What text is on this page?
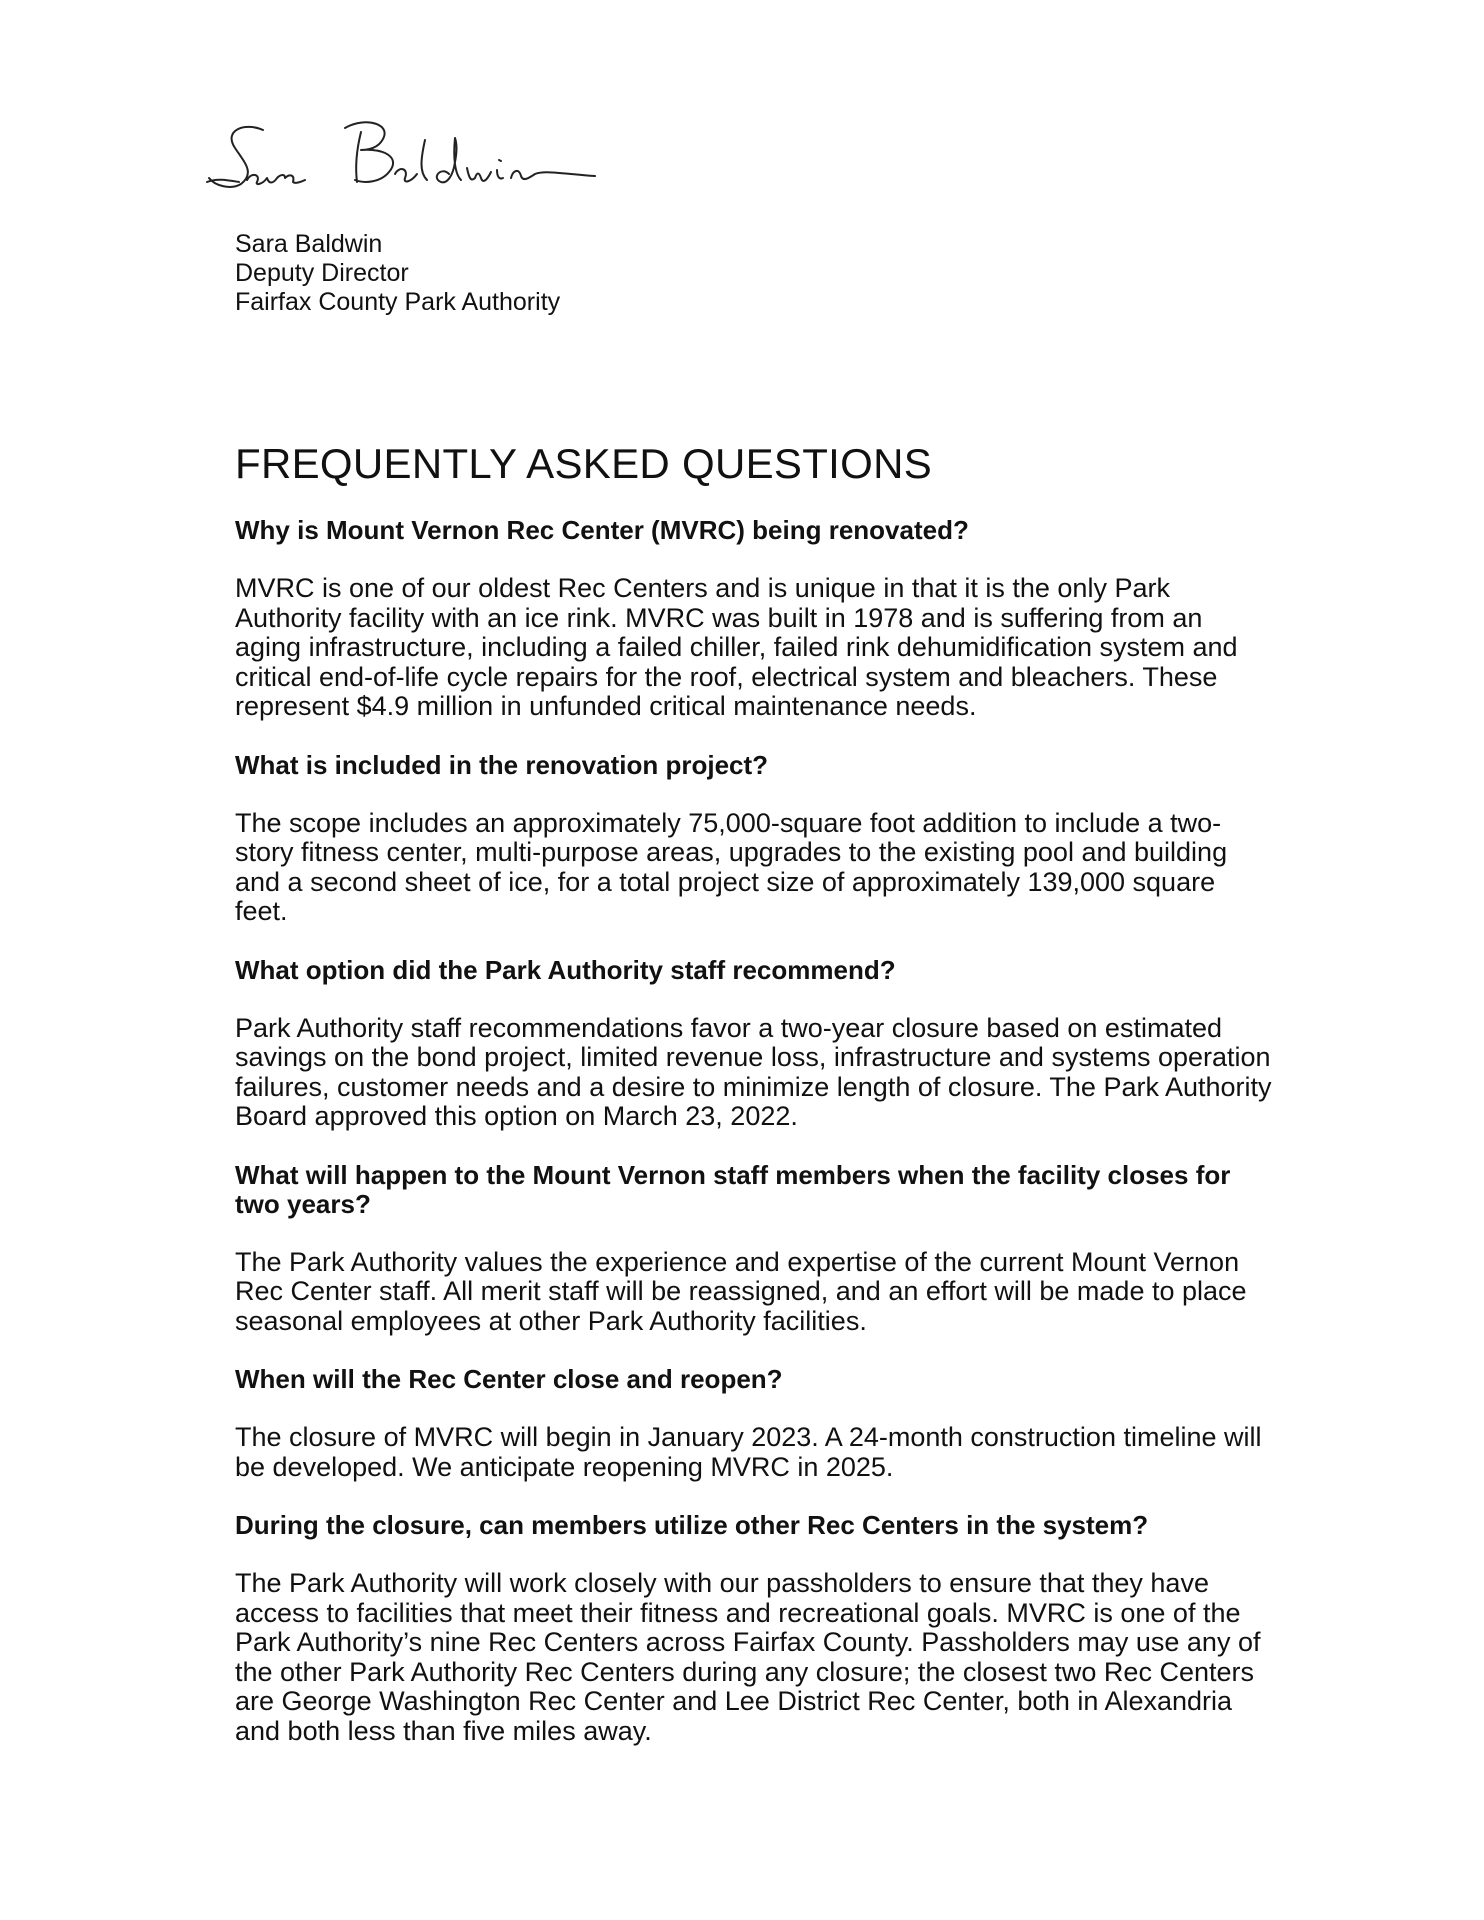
Sara Baldwin
Deputy Director
Fairfax County Park Authority
FREQUENTLY ASKED QUESTIONS

Why is Mount Vernon Rec Center (MVRC) being renovated?

MVRC is one of our oldest Rec Centers and is unique in that it is the only Park Authority facility with an ice rink. MVRC was built in 1978 and is suffering from an aging infrastructure, including a failed chiller, failed rink dehumidification system and critical end-of-life cycle repairs for the roof, electrical system and bleachers. These represent $4.9 million in unfunded critical maintenance needs.

What is included in the renovation project?

The scope includes an approximately 75,000-square foot addition to include a two-story fitness center, multi-purpose areas, upgrades to the existing pool and building and a second sheet of ice, for a total project size of approximately 139,000 square feet.

What option did the Park Authority staff recommend?

Park Authority staff recommendations favor a two-year closure based on estimated savings on the bond project, limited revenue loss, infrastructure and systems operation failures, customer needs and a desire to minimize length of closure. The Park Authority Board approved this option on March 23, 2022.

What will happen to the Mount Vernon staff members when the facility closes for two years?

The Park Authority values the experience and expertise of the current Mount Vernon Rec Center staff. All merit staff will be reassigned, and an effort will be made to place seasonal employees at other Park Authority facilities.

When will the Rec Center close and reopen?

The closure of MVRC will begin in January 2023. A 24-month construction timeline will be developed. We anticipate reopening MVRC in 2025.

During the closure, can members utilize other Rec Centers in the system?

The Park Authority will work closely with our passholders to ensure that they have access to facilities that meet their fitness and recreational goals. MVRC is one of the Park Authority’s nine Rec Centers across Fairfax County. Passholders may use any of the other Park Authority Rec Centers during any closure; the closest two Rec Centers are George Washington Rec Center and Lee District Rec Center, both in Alexandria and both less than five miles away.
